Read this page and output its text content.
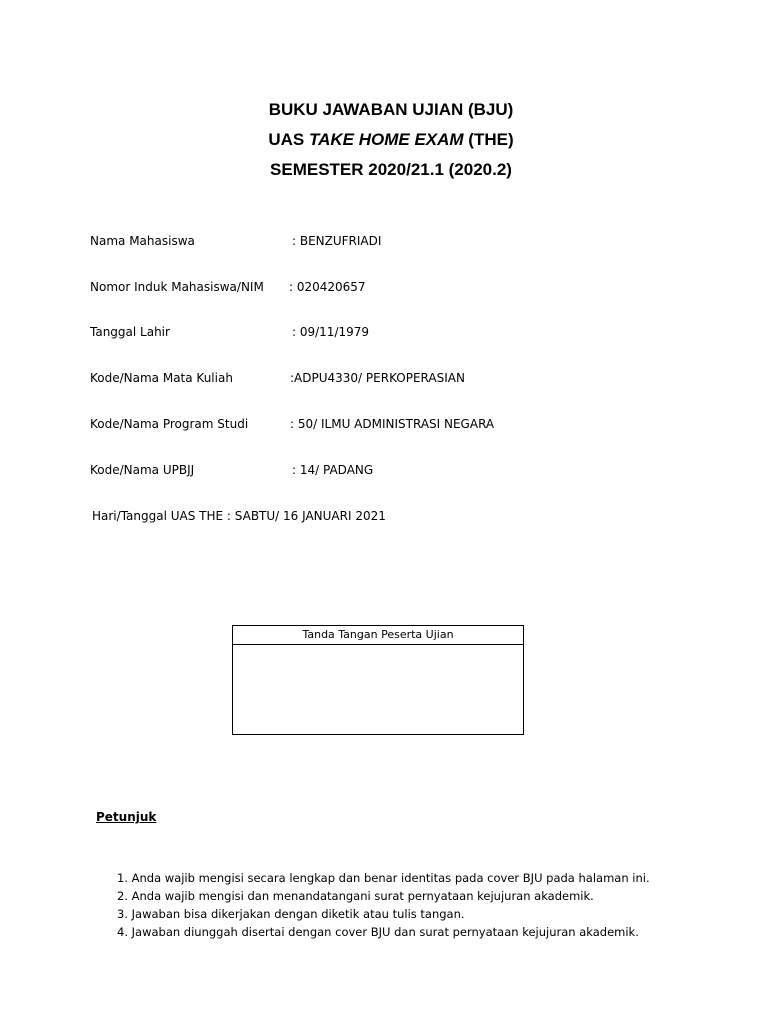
BUKU JAWABAN UJIAN (BJU)
UAS TAKE HOME EXAM (THE)
SEMESTER 2020/21.1 (2020.2)
Nama Mahasiswa	: BENZUFRIADI
Nomor Induk Mahasiswa/NIM : 020420657
Tanggal Lahir	: 09/11/1979
Kode/Nama Mata Kuliah	:ADPU4330/ PERKOPERASIAN
Kode/Nama Program Studi	: 50/ ILMU ADMINISTRASI NEGARA
Kode/Nama UPBJJ	: 14/ PADANG
Hari/Tanggal UAS THE : SABTU/ 16 JANUARI 2021
Tanda Tangan Peserta Ujian
Petunjuk
1. Anda wajib mengisi secara lengkap dan benar identitas pada cover BJU pada halaman ini.
2. Anda wajib mengisi dan menandatangani surat pernyataan kejujuran akademik.
3. Jawaban bisa dikerjakan dengan diketik atau tulis tangan.
4. Jawaban diunggah disertai dengan cover BJU dan surat pernyataan kejujuran akademik.
